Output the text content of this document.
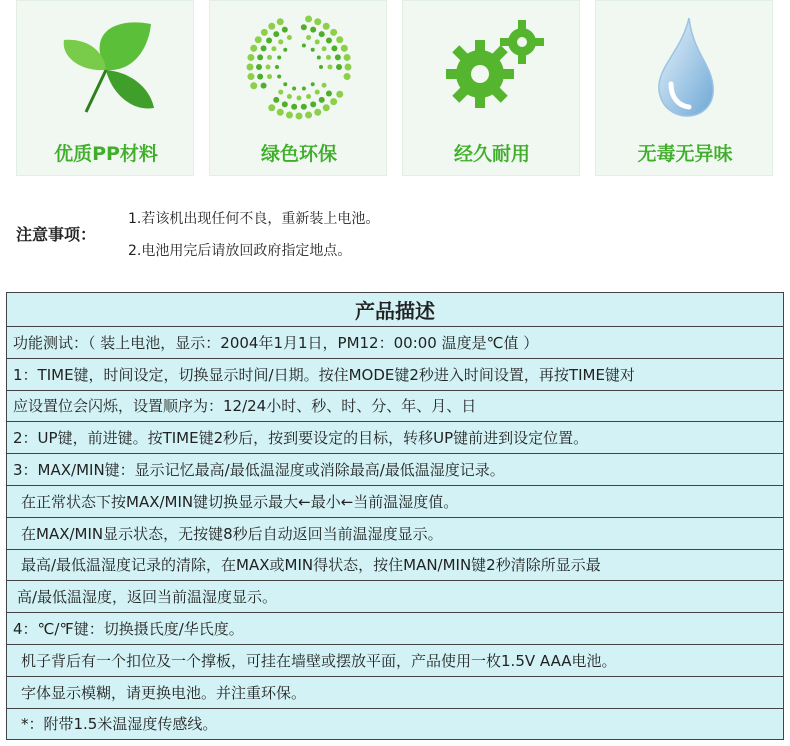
优质PP材料	绿色环保	经久耐用	无毒无异味
注意事项：
1.若该机出现任何不良，重新装上电池。
2.电池用完后请放回政府指定地点。
产品描述
功能测试：（ 装上电池，显示：2004年1月1日，PM12：00:00 温度是℃值 ）
1：TIME键，时间设定，切换显示时间/日期。按住MODE键2秒进入时间设置，再按TIME键对
应设置位会闪烁，设置顺序为：12/24小时、秒、时、分、年、月、日
2：UP键，前进键。按TIME键2秒后，按到要设定的目标，转移UP键前进到设定位置。
3：MAX/MIN键：显示记忆最高/最低温湿度或消除最高/最低温湿度记录。
在正常状态下按MAX/MIN键切换显示最大←最小←当前温湿度值。
在MAX/MIN显示状态，无按键8秒后自动返回当前温湿度显示。
最高/最低温湿度记录的清除，在MAX或MIN得状态，按住MAN/MIN键2秒清除所显示最
高/最低温湿度，返回当前温湿度显示。
4：℃/℉键：切换摄氏度/华氏度。
机子背后有一个扣位及一个撑板，可挂在墙壁或摆放平面，产品使用一枚1.5V AAA电池。
字体显示模糊，请更换电池。并注重环保。
*：附带1.5米温湿度传感线。
